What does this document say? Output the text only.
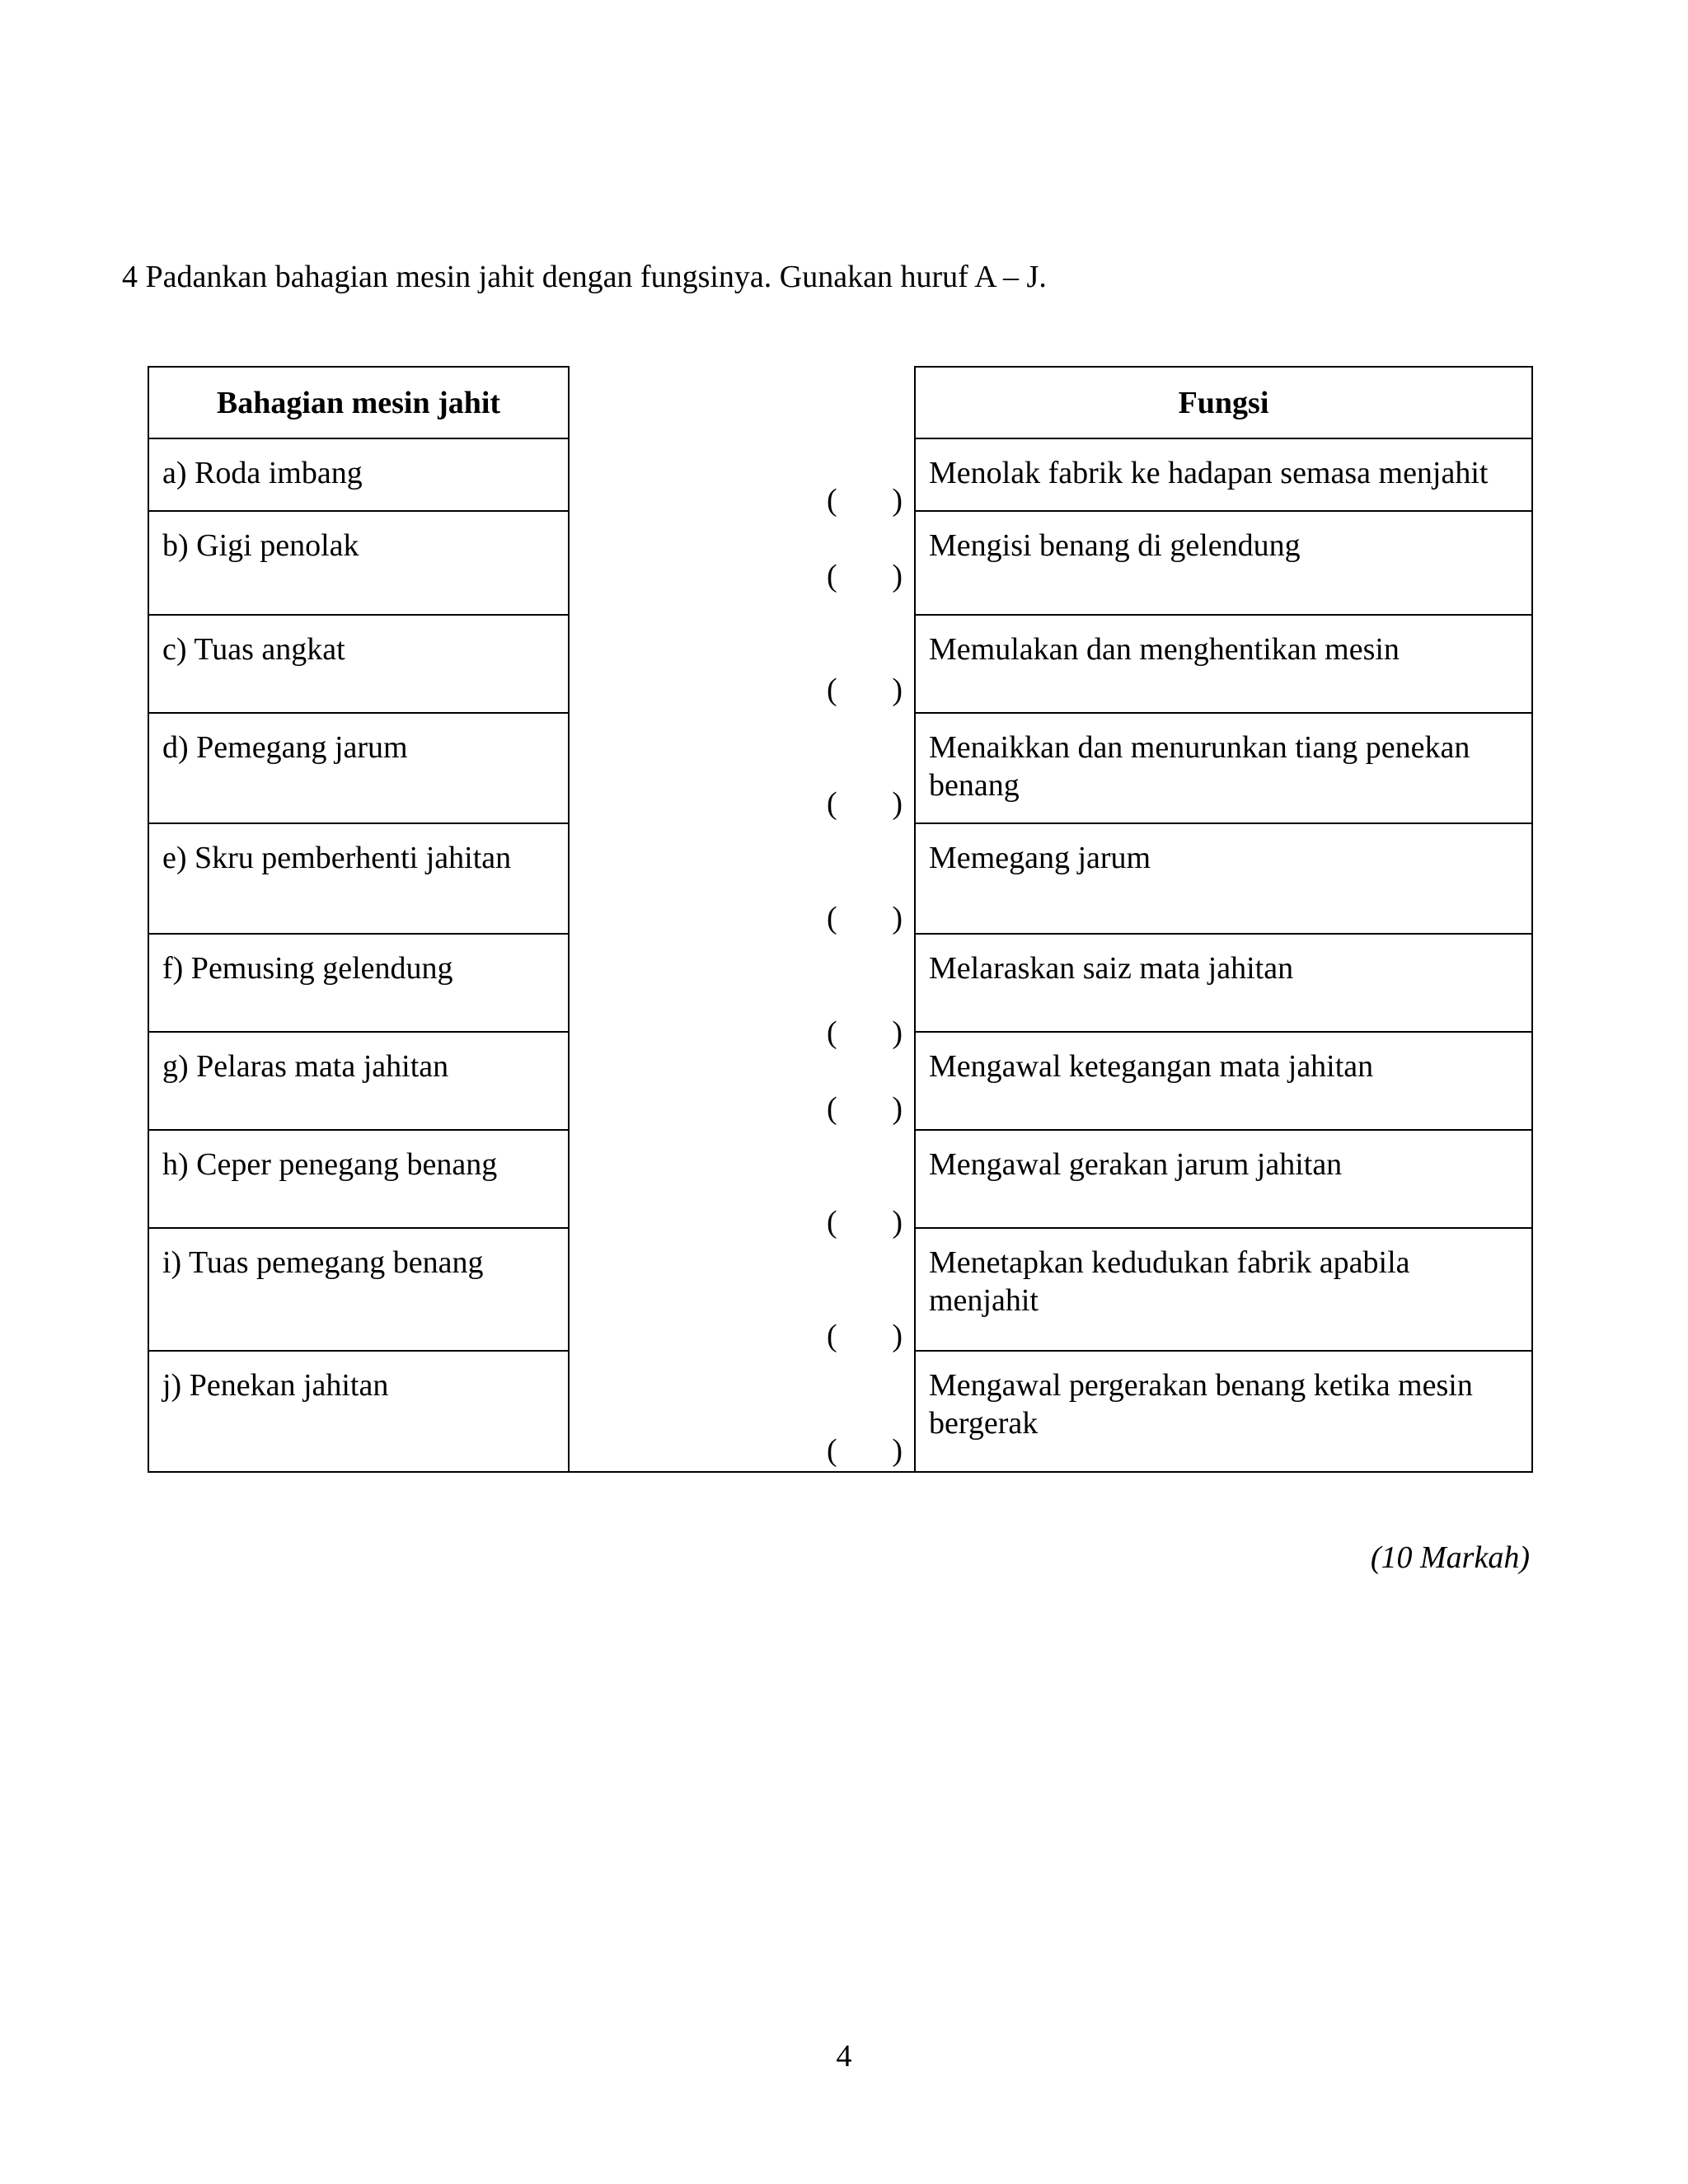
4 Padankan bahagian mesin jahit dengan fungsinya. Gunakan huruf A – J.
Bahagian mesin jahit
a) Roda imbang
b) Gigi penolak
c) Tuas angkat
d) Pemegang jarum
e) Skru pemberhenti jahitan
f) Pemusing gelendung
g) Pelaras mata jahitan
h) Ceper penegang benang
i) Tuas pemegang benang
j) Penekan jahitan
( )
( )
( )
( )
( )
( )
( )
( )
( )
( )
Fungsi
Menolak fabrik ke hadapan semasa menjahit
Mengisi benang di gelendung
Memulakan dan menghentikan mesin
Menaikkan dan menurunkan tiang penekan benang
Memegang jarum
Melaraskan saiz mata jahitan
Mengawal ketegangan mata jahitan
Mengawal gerakan jarum jahitan
Menetapkan kedudukan fabrik apabila menjahit
Mengawal pergerakan benang ketika mesin bergerak
(10 Markah)
4
